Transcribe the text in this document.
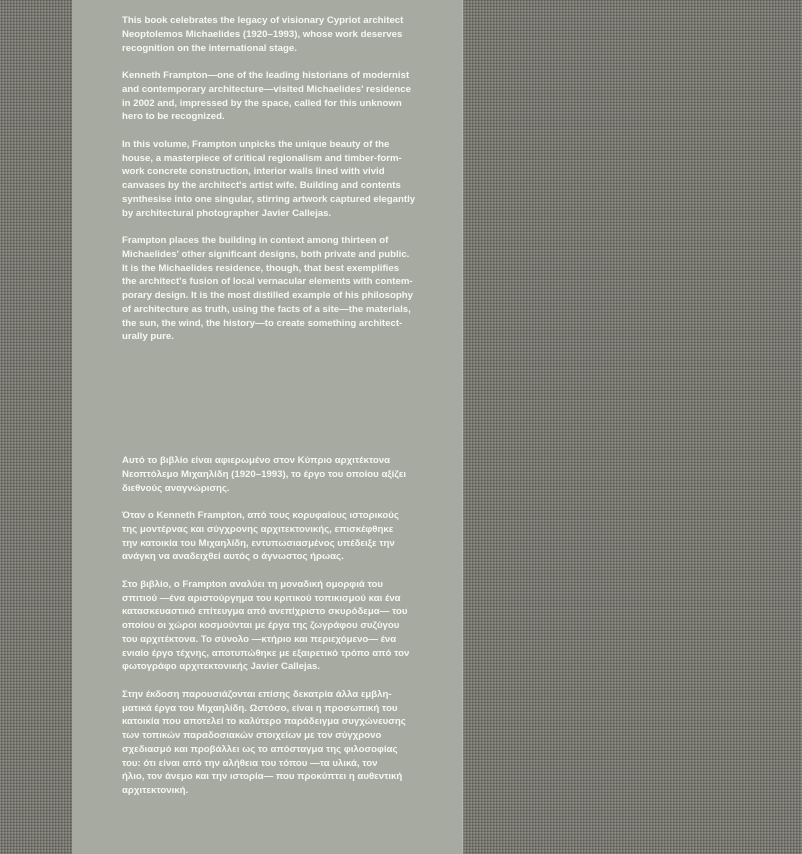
This book celebrates the legacy of visionary Cypriot architect
Neoptolemos Michaelides (1920–1993), whose work deserves
recognition on the international stage.

Kenneth Frampton—one of the leading historians of modernist
and contemporary architecture—visited Michaelides' residence
in 2002 and, impressed by the space, called for this unknown
hero to be recognized.

In this volume, Frampton unpicks the unique beauty of the
house, a masterpiece of critical regionalism and timber-form-
work concrete construction, interior walls lined with vivid
canvases by the architect's artist wife. Building and contents
synthesise into one singular, stirring artwork captured elegantly
by architectural photographer Javier Callejas.

Frampton places the building in context among thirteen of
Michaelides' other significant designs, both private and public.
It is the Michaelides residence, though, that best exemplifies
the architect's fusion of local vernacular elements with contem-
porary design. It is the most distilled example of his philosophy
of architecture as truth, using the facts of a site—the materials,
the sun, the wind, the history—to create something architect-
urally pure.

Αυτό το βιβλίο είναι αφιερωμένο στον Κύπριο αρχιτέκτονα
Νεοπτόλεμο Μιχαηλίδη (1920–1993), το έργο του οποίου αξίζει
διεθνούς αναγνώρισης.

Όταν ο Kenneth Frampton, από τους κορυφαίους ιστορικούς
της μοντέρνας και σύγχρονης αρχιτεκτονικής, επισκέφθηκε
την κατοικία του Μιχαηλίδη, εντυπωσιασμένος υπέδειξε την
ανάγκη να αναδειχθεί αυτός ο άγνωστος ήρωας.

Στο βιβλίο, ο Frampton αναλύει τη μοναδική ομορφιά του
σπιτιού —ένα αριστούργημα του κριτικού τοπικισμού και ένα
κατασκευαστικό επίτευγμα από ανεπίχριστο σκυρόδεμα— του
οποίου οι χώροι κοσμούνται με έργα της ζωγράφου συζύγου
του αρχιτέκτονα. Το σύνολο —κτήριο και περιεχόμενο— ένα
ενιαίο έργο τέχνης, αποτυπώθηκε με εξαιρετικό τρόπο από τον
φωτογράφο αρχιτεκτονικής Javier Callejas.

Στην έκδοση παρουσιάζονται επίσης δεκατρία άλλα εμβλη-
ματικά έργα του Μιχαηλίδη. Ωστόσο, είναι η προσωπική του
κατοικία που αποτελεί το καλύτερο παράδειγμα συγχώνευσης
των τοπικών παραδοσιακών στοιχείων με τον σύγχρονο
σχεδιασμό και προβάλλει ως το απόσταγμα της φιλοσοφίας
του: ότι είναι από την αλήθεια του τόπου —τα υλικά, τον
ήλιο, τον άνεμο και την ιστορία— που προκύπτει η αυθεντική
αρχιτεκτονική.
